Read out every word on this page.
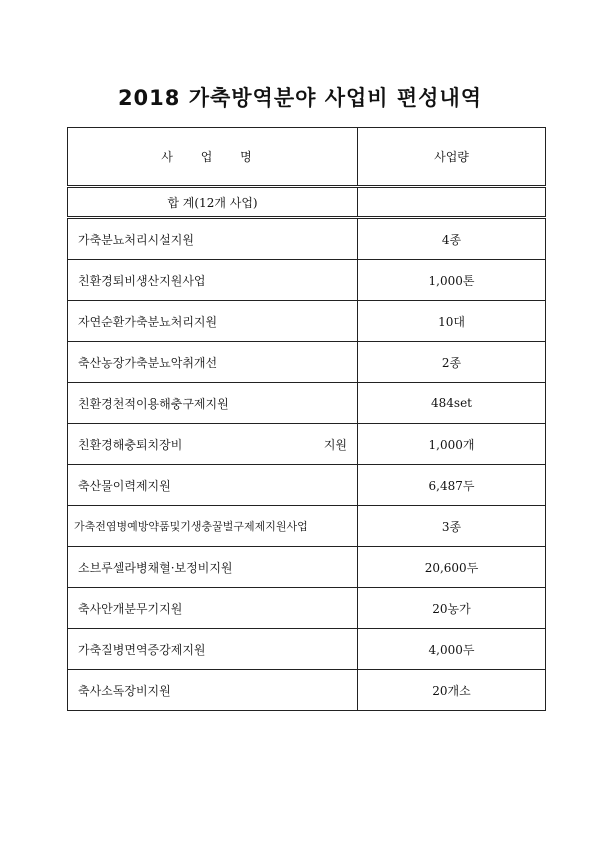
2018 가축방역분야 사업비 편성내역
사 업 명	사업량
합 계(12개 사업)	
가축분뇨처리시설지원	4종
친환경퇴비생산지원사업	1,000톤
자연순환가축분뇨처리지원	10대
축산농장가축분뇨악취개선	2종
친환경천적이용해충구제지원	484set
친환경해충퇴치장비 지원	1,000개
축산물이력제지원	6,487두
가축전염병예방약품및기생충꿀벌구제제지원사업	3종
소브루셀라병채혈·보정비지원	20,600두
축사안개분무기지원	20농가
가축질병면역증강제지원	4,000두
축사소독장비지원	20개소
